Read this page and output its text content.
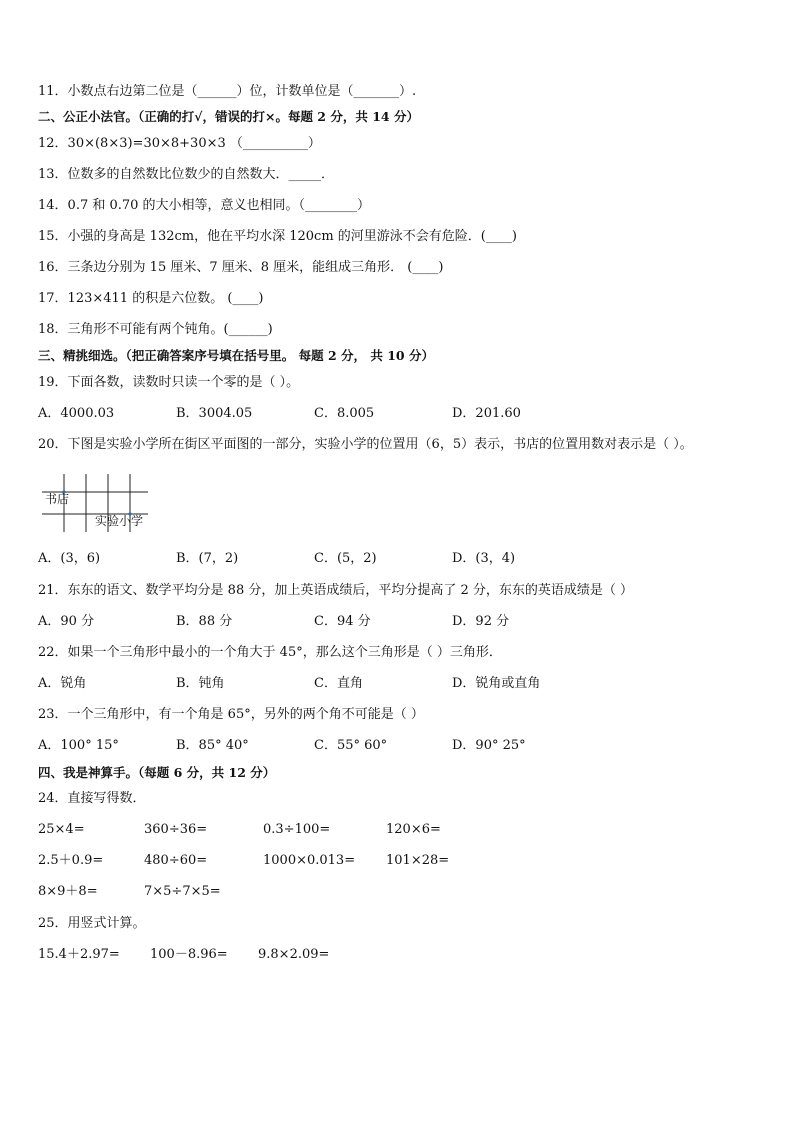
11．小数点右边第二位是（______）位，计数单位是（_______）.
二、公正小法官。（正确的打√，错误的打×。每题 2 分，共 14 分）
12．30×(8×3)=30×8+30×3 （__________）
13．位数多的自然数比位数少的自然数大．_____．
14．0.7 和 0.70 的大小相等，意义也相同。（________）
15．小强的身高是 132cm，他在平均水深 120cm 的河里游泳不会有危险．(____)
16．三条边分别为 15 厘米、7 厘米、8 厘米，能组成三角形． (____)
17．123×411 的积是六位数。 (____)
18．三角形不可能有两个钝角。(______)
三、精挑细选。（把正确答案序号填在括号里。 每题 2 分， 共 10 分）
19．下面各数，读数时只读一个零的是（ ）。
A．4000.03	B．3004.05	C．8.005	D．201.60
20．下图是实验小学所在街区平面图的一部分，实验小学的位置用（6，5）表示，书店的位置用数对表示是（ ）。
书店
实验小学
A．(3，6)	B．(7，2)	C．(5，2)	D．(3，4)
21．东东的语文、数学平均分是 88 分，加上英语成绩后，平均分提高了 2 分，东东的英语成绩是（ ）
A．90 分	B．88 分	C．94 分	D．92 分
22．如果一个三角形中最小的一个角大于 45°，那么这个三角形是（ ）三角形．
A．锐角	B．钝角	C．直角	D．锐角或直角
23．一个三角形中，有一个角是 65°，另外的两个角不可能是（ ）
A．100° 15°	B．85° 40°	C．55° 60°	D．90° 25°
四、我是神算手。（每题 6 分，共 12 分）
24．直接写得数．
25×4=	360÷36=	0.3÷100=	120×6=
2.5＋0.9=	480÷60=	1000×0.013= 101×28=
8×9＋8=	7×5÷7×5=
25．用竖式计算。
15.4＋2.97= 100－8.96= 9.8×2.09=
